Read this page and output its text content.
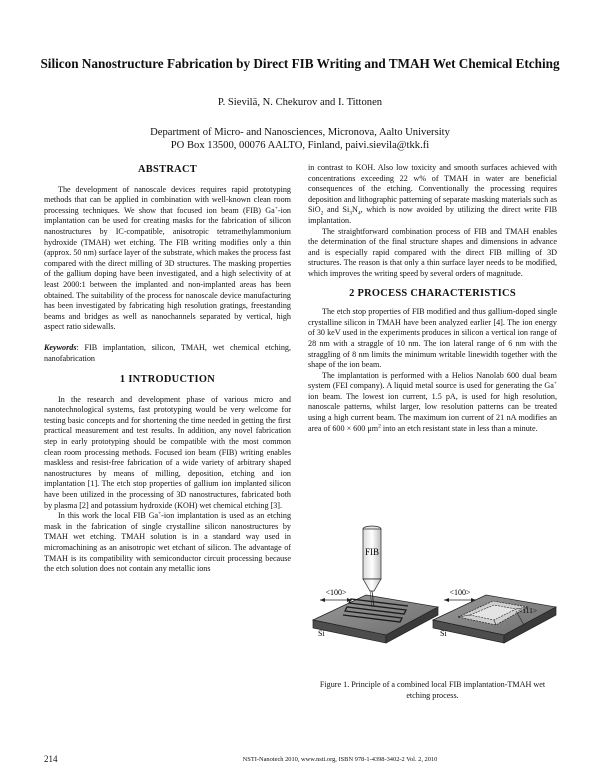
Silicon Nanostructure Fabrication by Direct FIB Writing and TMAH Wet Chemical Etching
P. Sievilä, N. Chekurov and I. Tittonen
Department of Micro- and Nanosciences, Micronova, Aalto University
PO Box 13500, 00076 AALTO, Finland, paivi.sievila@tkk.fi
ABSTRACT

The development of nanoscale devices requires rapid prototyping methods that can be applied in combination with well-known clean room processing techniques. We show that focused ion beam (FIB) Ga+-ion implantation can be used for creating masks for the fabrication of silicon nanostructures by IC-compatible, anisotropic tetramethylammonium hydroxide (TMAH) wet etching. The FIB writing modifies only a thin (approx. 50 nm) surface layer of the substrate, which makes the process fast compared with the direct milling of 3D structures. The masking properties of the gallium doping have been investigated, and a high selectivity of at least 2000:1 between the implanted and non-implanted areas has been obtained. The suitability of the process for nanoscale device manufacturing has been investigated by fabricating high resolution gratings, freestanding beams and bridges as well as nanochannels separated by vertical, high aspect ratio sidewalls.

Keywords: FIB implantation, silicon, TMAH, wet chemical etching, nanofabrication

1 INTRODUCTION

In the research and development phase of various micro and nanotechnological systems, fast prototyping would be very welcome for testing basic concepts and for shortening the time needed in getting the first practical measurement and test results. In addition, any novel fabrication step in early prototyping should be compatible with the most common clean room processing methods. Focused ion beam (FIB) writing enables maskless and resist-free fabrication of a wide variety of arbitrary shaped nanostructures by means of milling, deposition, etching and ion implantation [1]. The etch stop properties of gallium ion implanted silicon have been utilized in the processing of 3D nanostructures, fabricated both by plasma [2] and potassium hydroxide (KOH) wet chemical etching [3].

In this work the local FIB Ga+-ion implantation is used as an etching mask in the fabrication of single crystalline silicon nanostructures by TMAH wet etching. TMAH solution is in a standard way used in micromachining as an anisotropic wet etchant of silicon. The advantage of TMAH is its compatibility with semiconductor circuit processing because the etch solution does not contain any metallic ions

in contrast to KOH. Also low toxicity and smooth surfaces achieved with concentrations exceeding 22 w% of TMAH in water are beneficial consequences of the etching. Conventionally the processing requires deposition and lithographic patterning of separate masking materials such as SiO$_2$ and $Si_3N_4$, which is now avoided by utilizing the direct write FIB implantation.

The straightforward combination process of FIB and TMAH enables the determination of the final structure shapes and dimensions in advance and is especially rapid compared with the direct FIB milling of 3D structures. The reason is that only a thin surface layer needs to be modified, which improves the writing speed by several orders of magnitude.

2 PROCESS CHARACTERISTICS

The etch stop properties of FIB modified and thus gallium-doped single crystalline silicon in TMAH have been analyzed earlier [4]. The ion energy of 30 keV used in the experiments produces in silicon a vertical ion range of 28 nm with a straggle of 10 nm. The ion lateral range of 6 nm with the straggling of 8 nm limits the minimum writable linewidth together with the shape of the ion beam.

The implantation is performed with a Helios Nanolab 600 dual beam system (FEI company). A liquid metal source is used for generating the Ga+ ion beam. The lowest ion current, 1.5 pA, is used for high resolution, nanoscale patterns, whilst larger, low resolution patterns can be treated using a high current beam. The maximum ion current of 21 nA modifies an area of 600 × 600 $\mu m^2$ into an etch resistant state in less than a minute.

FIB
<100>
Si
<100>
<111>
Si
Figure 1. Principle of a combined local FIB implantation-TMAH wet etching process.
214	NSTI-Nanotech 2010, www.nsti.org, ISBN 978-1-4398-3402-2 Vol. 2, 2010
